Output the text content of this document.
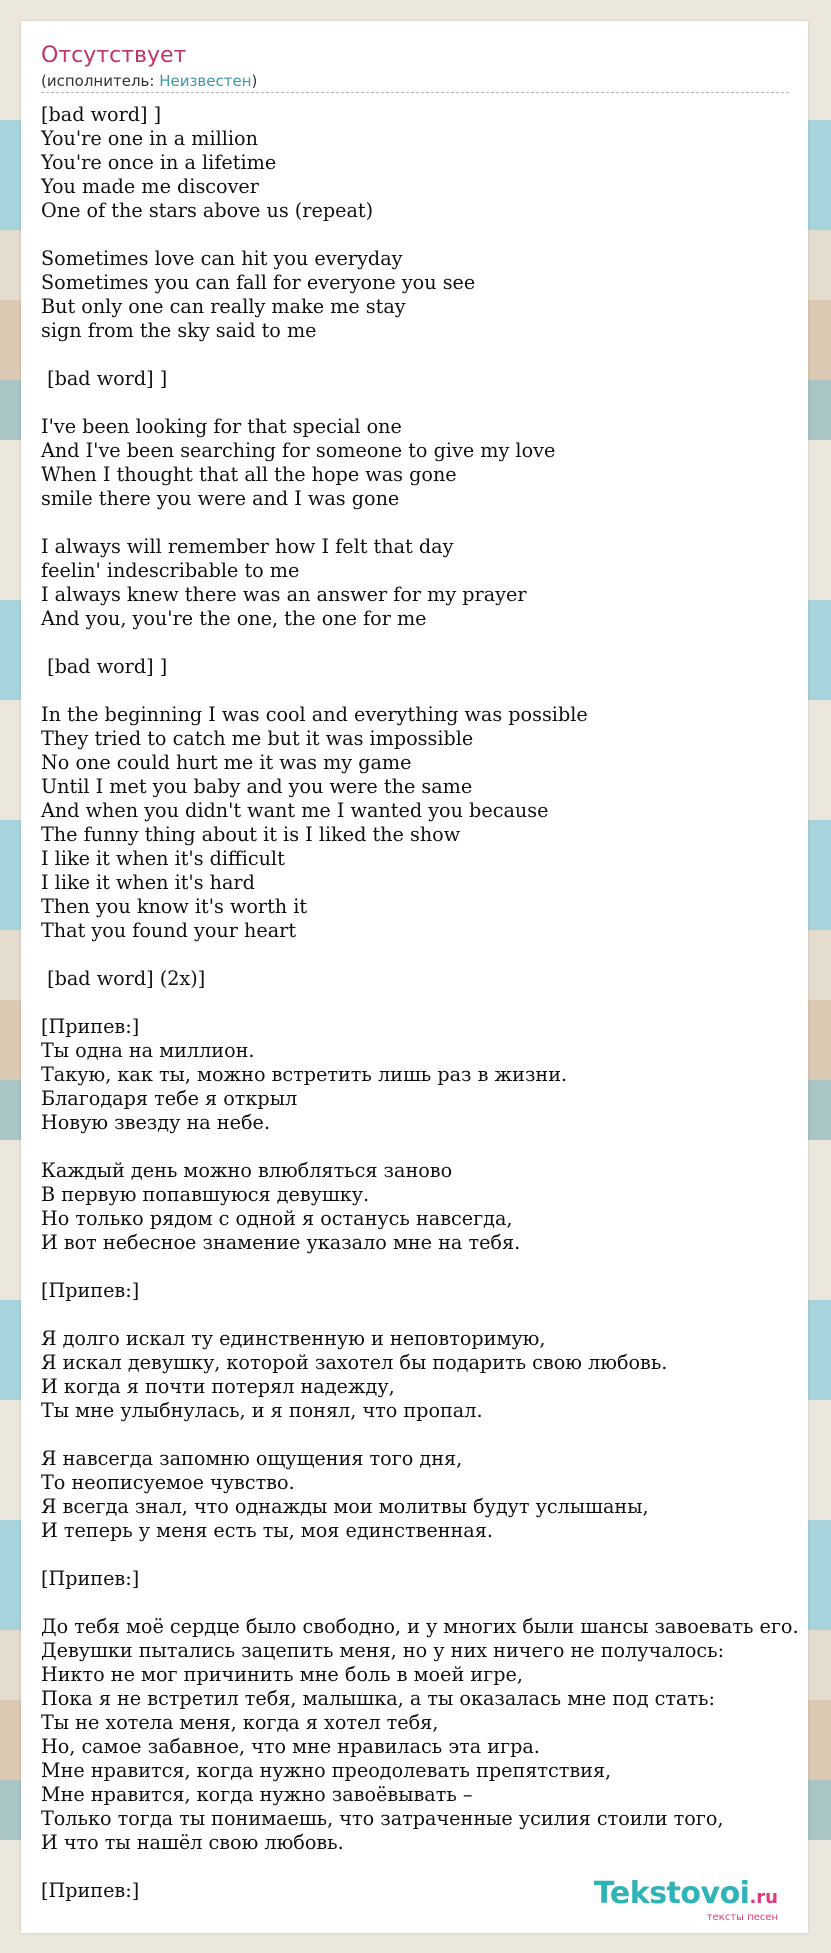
Отсутствует
(исполнитель: Неизвестен)
[bad word] ]
You're one in a million
You're once in a lifetime
You made me discover
One of the stars above us (repeat)
Sometimes love can hit you everyday
Sometimes you can fall for everyone you see
But only one can really make me stay
sign from the sky said to me
[bad word] ]
I've been looking for that special one
And I've been searching for someone to give my love
When I thought that all the hope was gone
smile there you were and I was gone
I always will remember how I felt that day
feelin' indescribable to me
I always knew there was an answer for my prayer
And you, you're the one, the one for me
[bad word] ]
In the beginning I was cool and everything was possible
They tried to catch me but it was impossible
No one could hurt me it was my game
Until I met you baby and you were the same
And when you didn't want me I wanted you because
The funny thing about it is I liked the show
I like it when it's difficult
I like it when it's hard
Then you know it's worth it
That you found your heart
[bad word] (2x)]
[Припев:]
Ты одна на миллион.
Такую, как ты, можно встретить лишь раз в жизни.
Благодаря тебе я открыл
Новую звезду на небе.
Каждый день можно влюбляться заново
В первую попавшуюся девушку.
Но только рядом с одной я останусь навсегда,
И вот небесное знамение указало мне на тебя.
[Припев:]
Я долго искал ту единственную и неповторимую,
Я искал девушку, которой захотел бы подарить свою любовь.
И когда я почти потерял надежду,
Ты мне улыбнулась, и я понял, что пропал.
Я навсегда запомню ощущения того дня,
То неописуемое чувство.
Я всегда знал, что однажды мои молитвы будут услышаны,
И теперь у меня есть ты, моя единственная.
[Припев:]
До тебя моё сердце было свободно, и у многих были шансы завоевать его.
Девушки пытались зацепить меня, но у них ничего не получалось:
Никто не мог причинить мне боль в моей игре,
Пока я не встретил тебя, малышка, а ты оказалась мне под стать:
Ты не хотела меня, когда я хотел тебя,
Но, самое забавное, что мне нравилась эта игра.
Мне нравится, когда нужно преодолевать препятствия,
Мне нравится, когда нужно завоёвывать –
Только тогда ты понимаешь, что затраченные усилия стоили того,
И что ты нашёл свою любовь.
[Припев:]	Tekstovoi.ru
тексты песен
